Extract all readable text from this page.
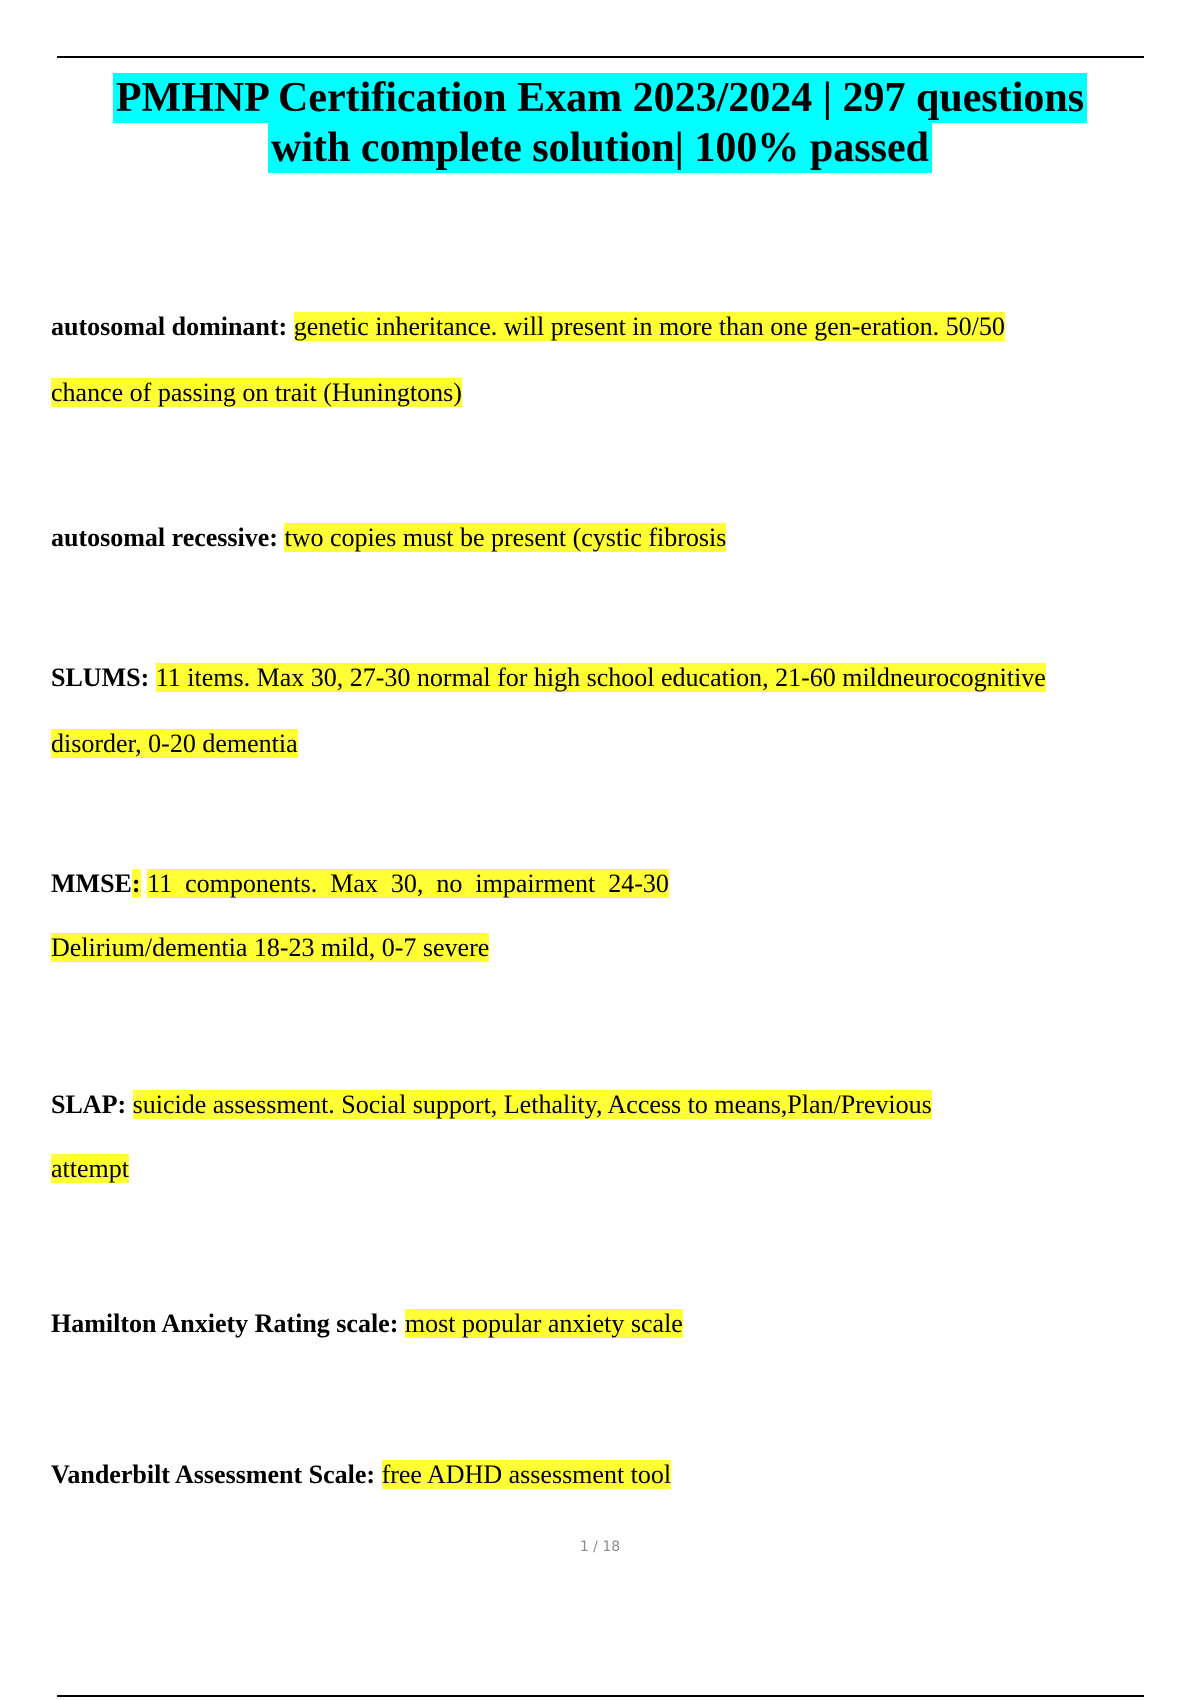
PMHNP Certification Exam 2023/2024 | 297 questions
with complete solution| 100% passed
autosomal dominant: genetic inheritance. will present in more than one gen-eration. 50/50
chance of passing on trait (Huningtons)
autosomal recessive: two copies must be present (cystic fibrosis
SLUMS: 11 items. Max 30, 27-30 normal for high school education, 21-60 mildneurocognitive
disorder, 0-20 dementia
MMSE: 11  components.  Max  30,  no  impairment  24-30
Delirium/dementia 18-23 mild, 0-7 severe
SLAP: suicide assessment. Social support, Lethality, Access to means,Plan/Previous
attempt
Hamilton Anxiety Rating scale: most popular anxiety scale
Vanderbilt Assessment Scale: free ADHD assessment tool
1 / 18
